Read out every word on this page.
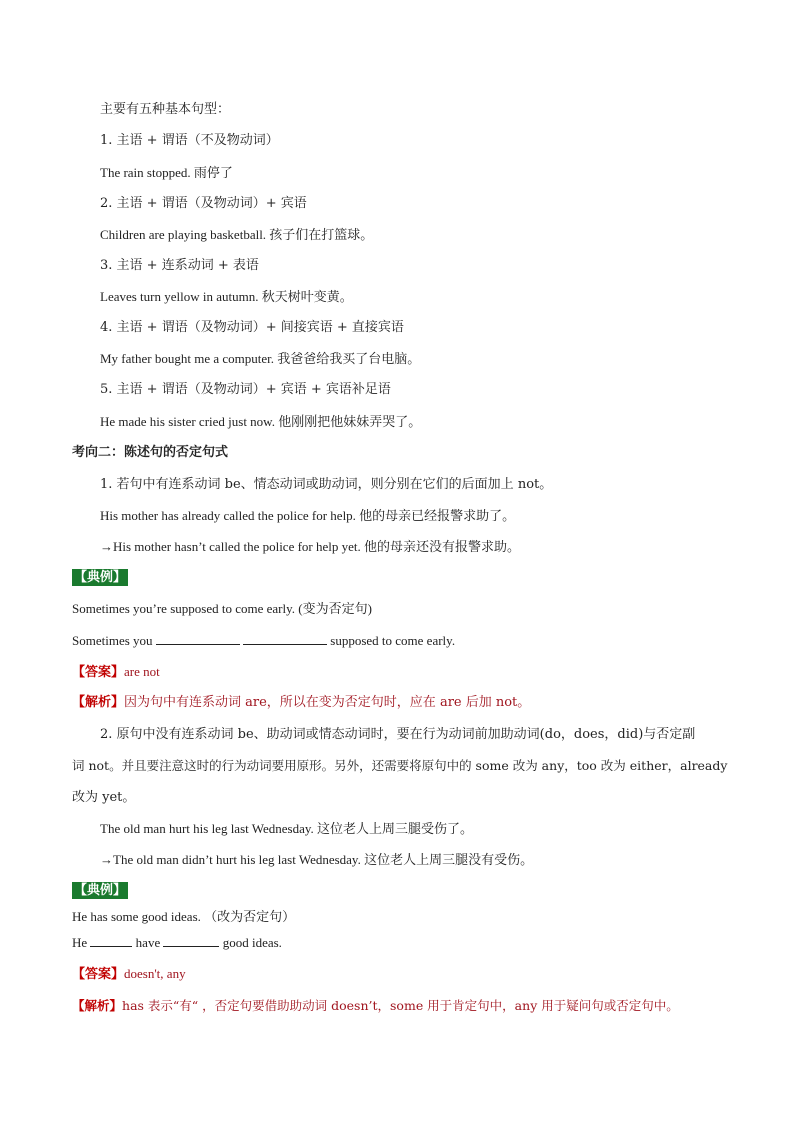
主要有五种基本句型：
1. 主语 + 谓语（不及物动词）
The rain stopped. 雨停了
2. 主语 + 谓语（及物动词）+ 宾语
Children are playing basketball. 孩子们在打篮球。
3. 主语 + 连系动词 + 表语
Leaves turn yellow in autumn. 秋天树叶变黄。
4. 主语 + 谓语（及物动词）+ 间接宾语 + 直接宾语
My father bought me a computer. 我爸爸给我买了台电脑。
5. 主语 + 谓语（及物动词）+ 宾语 + 宾语补足语
He made his sister cried just now. 他刚刚把他妹妹弄哭了。
考向二：陈述句的否定句式
1. 若句中有连系动词 be、情态动词或助动词，则分别在它们的后面加上 not。
His mother has already called the police for help. 他的母亲已经报警求助了。
→His mother hasn’t called the police for help yet. 他的母亲还没有报警求助。
【典例】
Sometimes you’re supposed to come early. (变为否定句)
Sometimes you	supposed to come early.
【答案】are not
【解析】因为句中有连系动词 are，所以在变为否定句时，应在 are 后加 not。
2. 原句中没有连系动词 be、助动词或情态动词时，要在行为动词前加助动词(do，does，did)与否定副
词 not。并且要注意这时的行为动词要用原形。另外，还需要将原句中的 some 改为 any，too 改为 either，already
改为 yet。
The old man hurt his leg last Wednesday. 这位老人上周三腿受伤了。
→The old man didn’t hurt his leg last Wednesday. 这位老人上周三腿没有受伤。
【典例】
He has some good ideas. （改为否定句）
He	have	good ideas.
【答案】doesn't, any
【解析】has 表示“有“ ，否定句要借助助动词 doesn’t，some 用于肯定句中，any 用于疑问句或否定句中。
